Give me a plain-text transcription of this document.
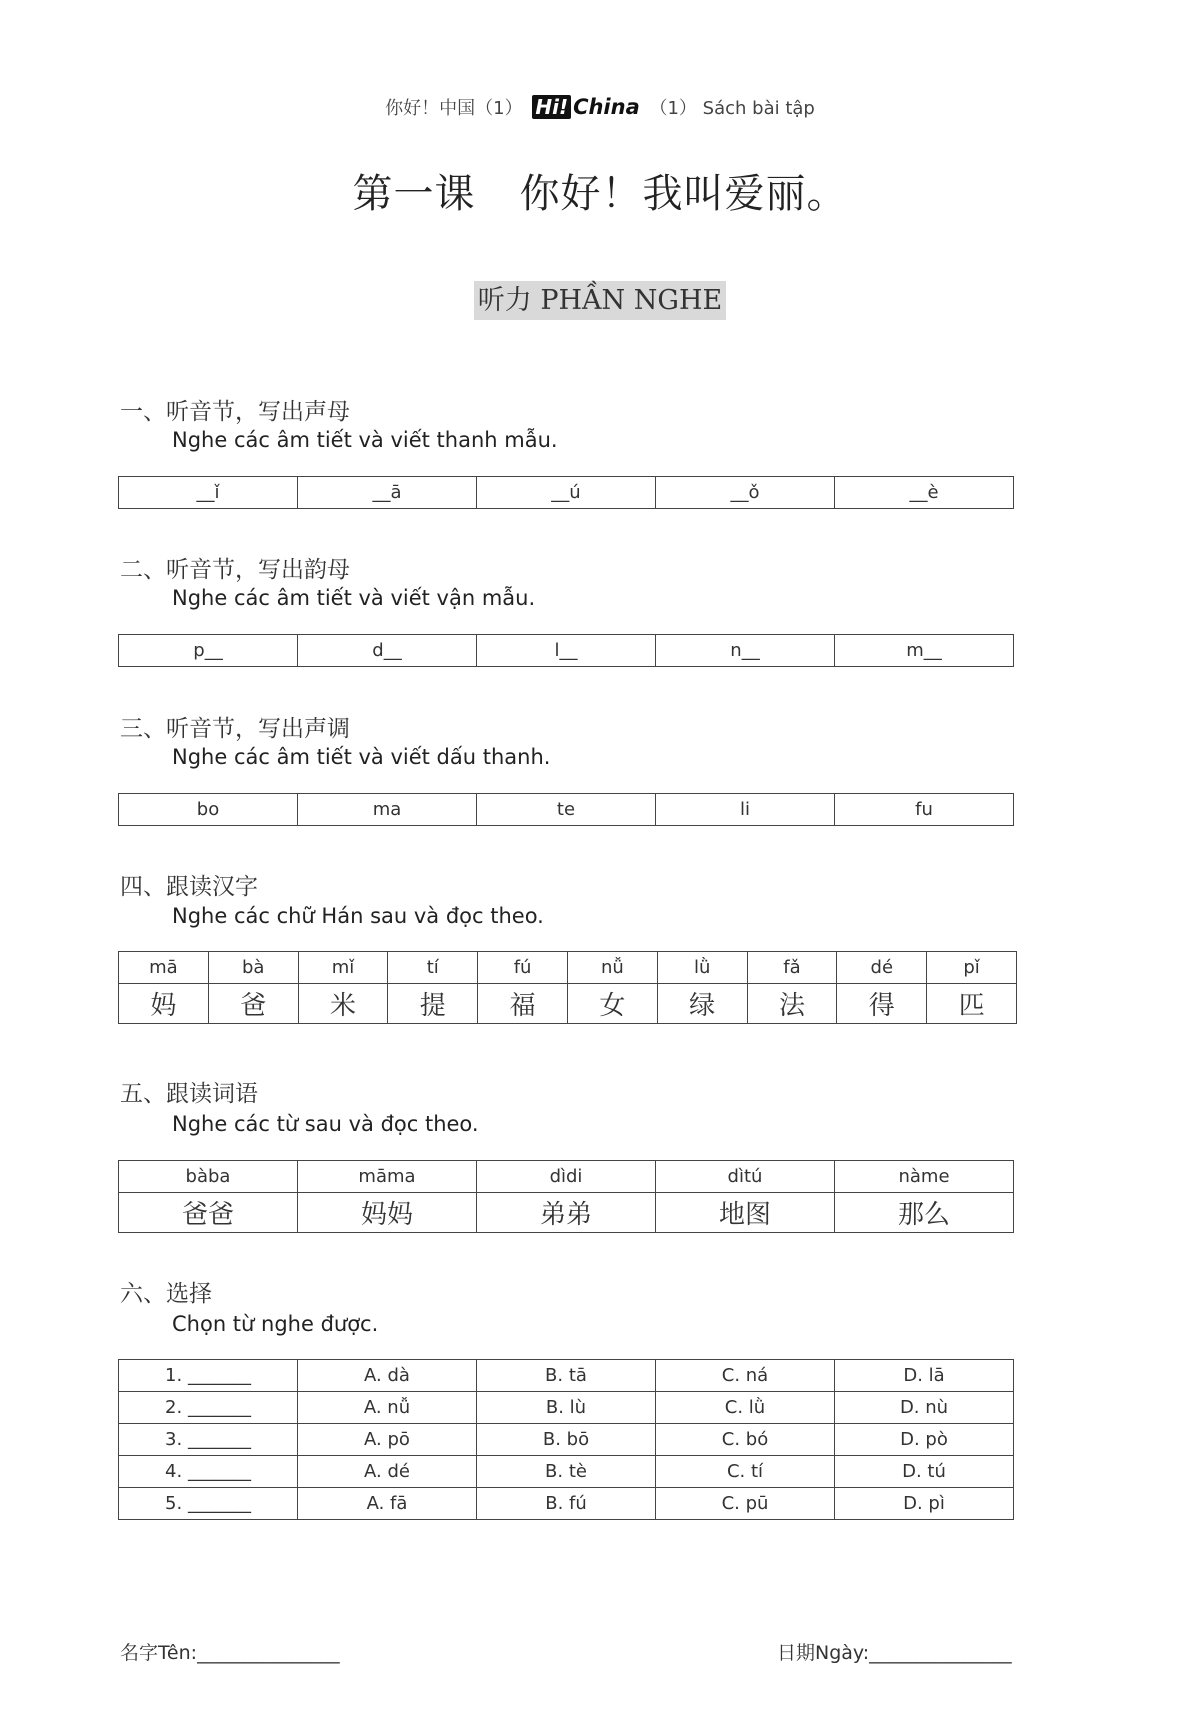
你好！中国（1） Hi! China （1） Sách bài tập
第一课 你好！我叫爱丽。
听力 PHẦN NGHE
一、听音节，写出声母
Nghe các âm tiết và viết thanh mẫu.
__ǐ	__ā	__ú	__ǒ	__è
二、听音节，写出韵母
Nghe các âm tiết và viết vận mẫu.
p__	d__	l__	n__	m__
三、听音节，写出声调
Nghe các âm tiết và viết dấu thanh.
bo	ma	te	li	fu
四、跟读汉字
Nghe các chữ Hán sau và đọc theo.
mā	bà	mǐ	tí	fú	nǚ	lǜ	fǎ	dé	pǐ
妈	爸	米	提	福	女	绿	法	得	匹
五、跟读词语
Nghe các từ sau và đọc theo.
bàba	māma	dìdi	dìtú	nàme
爸爸	妈妈	弟弟	地图	那么
六、选择
Chọn từ nghe được.
1. _______	A. dà	B. tā	C. ná	D. lā
2. _______	A. nǚ	B. lù	C. lǜ	D. nù
3. _______	A. pō	B. bō	C. bó	D. pò
4. _______	A. dé	B. tè	C. tí	D. tú
5. _______	A. fā	B. fú	C. pū	D. pì
名字Tên:_______________	日期Ngày:_______________
